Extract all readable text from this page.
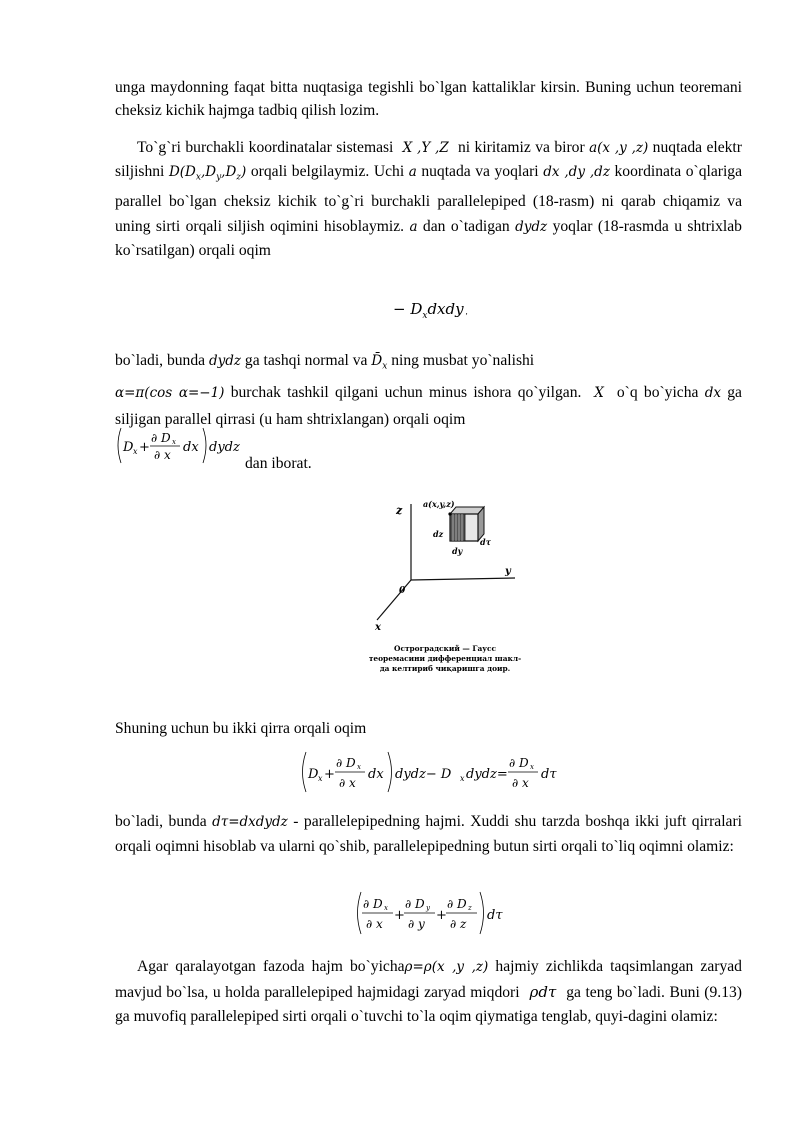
unga maydonning faqat bitta nuqtasiga tegishli bo`lgan kattaliklar kirsin. Buning uchun teoremani cheksiz kichik hajmga tadbiq qilish lozim.
To`g`ri burchakli koordinatalar sistemasi  X ,Y ,Z  ni kiritamiz va biror a(x ,y ,z) nuqtada elektr siljishni $D(D_x,D_y,D_z)$ orqali belgilaymiz. Uchi a nuqtada va yoqlari dx ,dy ,dz koordinata o`qlariga parallel bo`lgan cheksiz kichik to`g`ri burchakli parallelepiped (18-rasm) ni qarab chiqamiz va uning sirti orqali siljish oqimini hisoblaymiz. a dan o`tadigan dydz yoqlar (18-rasmda u shtrixlab ko`rsatilgan) orqali oqim
− $D_xdxdy$ ,
bo`ladi, bunda dydz ga tashqi normal va $D̄_x$ ning musbat yo`nalishi
α=π(cos α=−1) burchak tashkil qilgani uchun minus ishora qo`yilgan.  X  o`q bo`yicha dx ga siljigan parallel qirrasi (u ham shtrixlangan) orqali oqim
D x +
∂ D x
∂ x dx dydz
dan iborat.
z
y
x
0
a(x,y,z)
dz
dy
dτ
Остроградский — Гаусс
теоремасини дифференциал шакл-
да келтириб чиқаришга доир.
Shuning uchun bu ikki qirra orqali oqim
D x +
∂ D x
∂ x
dx dydz− D x dydz=
∂ D x
∂ x
dτ
bo`ladi, bunda dτ=dxdydz - parallelepipedning hajmi. Xuddi shu tarzda boshqa ikki juft qirralari orqali oqimni hisoblab va ularni qo`shib, parallelepipedning butun sirti orqali to`liq oqimni olamiz:
∂ D x
∂ x
+
∂ D y
∂ y
+
∂ D z
∂ z
dτ
Agar qaralayotgan fazoda hajm bo`yichaρ=ρ(x ,y ,z) hajmiy zichlikda taqsimlangan zaryad mavjud bo`lsa, u holda parallelepiped hajmidagi zaryad miqdori  ρdτ  ga teng bo`ladi. Buni (9.13) ga muvofiq parallelepiped sirti orqali o`tuvchi to`la oqim qiymatiga tenglab, quyi-dagini olamiz:
